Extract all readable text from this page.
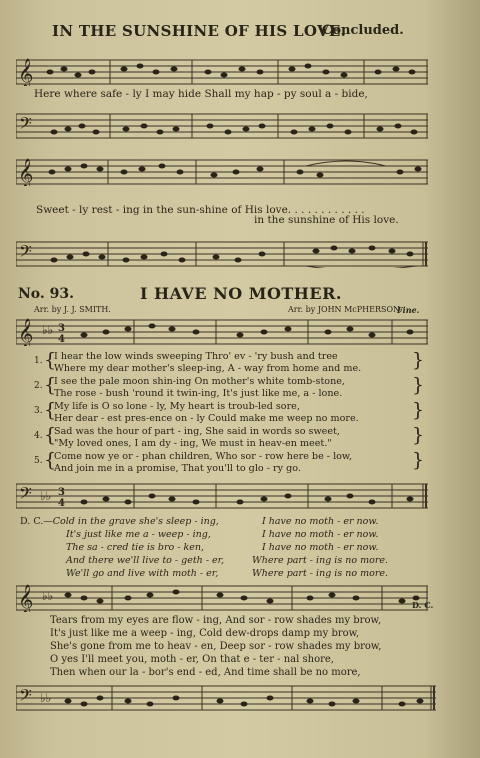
IN THE SUNSHINE OF HIS LOVE.
Concluded.
𝄞
Here where safe - ly I may hide Shall my hap - py soul a - bide,
𝄢
𝄞
Sweet - ly rest - ing in the sun-shine of His love. . . . . . . . . . . .
in the sunshine of His love.
𝄢
No. 93.	I HAVE NO MOTHER.
Arr. by J. J. SMITH.	Arr. by JOHN McPHERSON.
Fine.
𝄞 ♭♭ 3
4
1. {
I hear the low winds sweeping Thro' ev - 'ry bush and tree
Where my dear mother's sleep-ing, A - way from home and me.	}
2. {
I see the pale moon shin-ing On mother's white tomb-stone,
The rose - bush 'round it twin-ing, It's just like me, a - lone.	}
3. {
My life is O so lone - ly, My heart is troub-led sore,
Her dear - est pres-ence on - ly Could make me weep no more.	}
4. {
Sad was the hour of part - ing, She said in words so sweet,
"My loved ones, I am dy - ing, We must in heav-en meet."	}
5. {
Come now ye or - phan children, Who sor - row here be - low,
And join me in a promise, That you'll to glo - ry go.	}
𝄢 ♭♭ 3
4
D. C.—Cold in the grave she's sleep - ing,	I have no moth - er now.
It's just like me a - weep - ing,	I have no moth - er now.
The sa - cred tie is bro - ken,	I have no moth - er now.
And there we'll live to - geth - er,	Where part - ing is no more.
We'll go and live with moth - er,	Where part - ing is no more.
D. C.
𝄞 ♭♭
Tears from my eyes are flow - ing, And sor - row shades my brow,
It's just like me a weep - ing, Cold dew-drops damp my brow,
She's gone from me to heav - en, Deep sor - row shades my brow,
O yes I'll meet you, moth - er, On that e - ter - nal shore,
Then when our la - bor's end - ed, And time shall be no more,
𝄢 ♭♭
